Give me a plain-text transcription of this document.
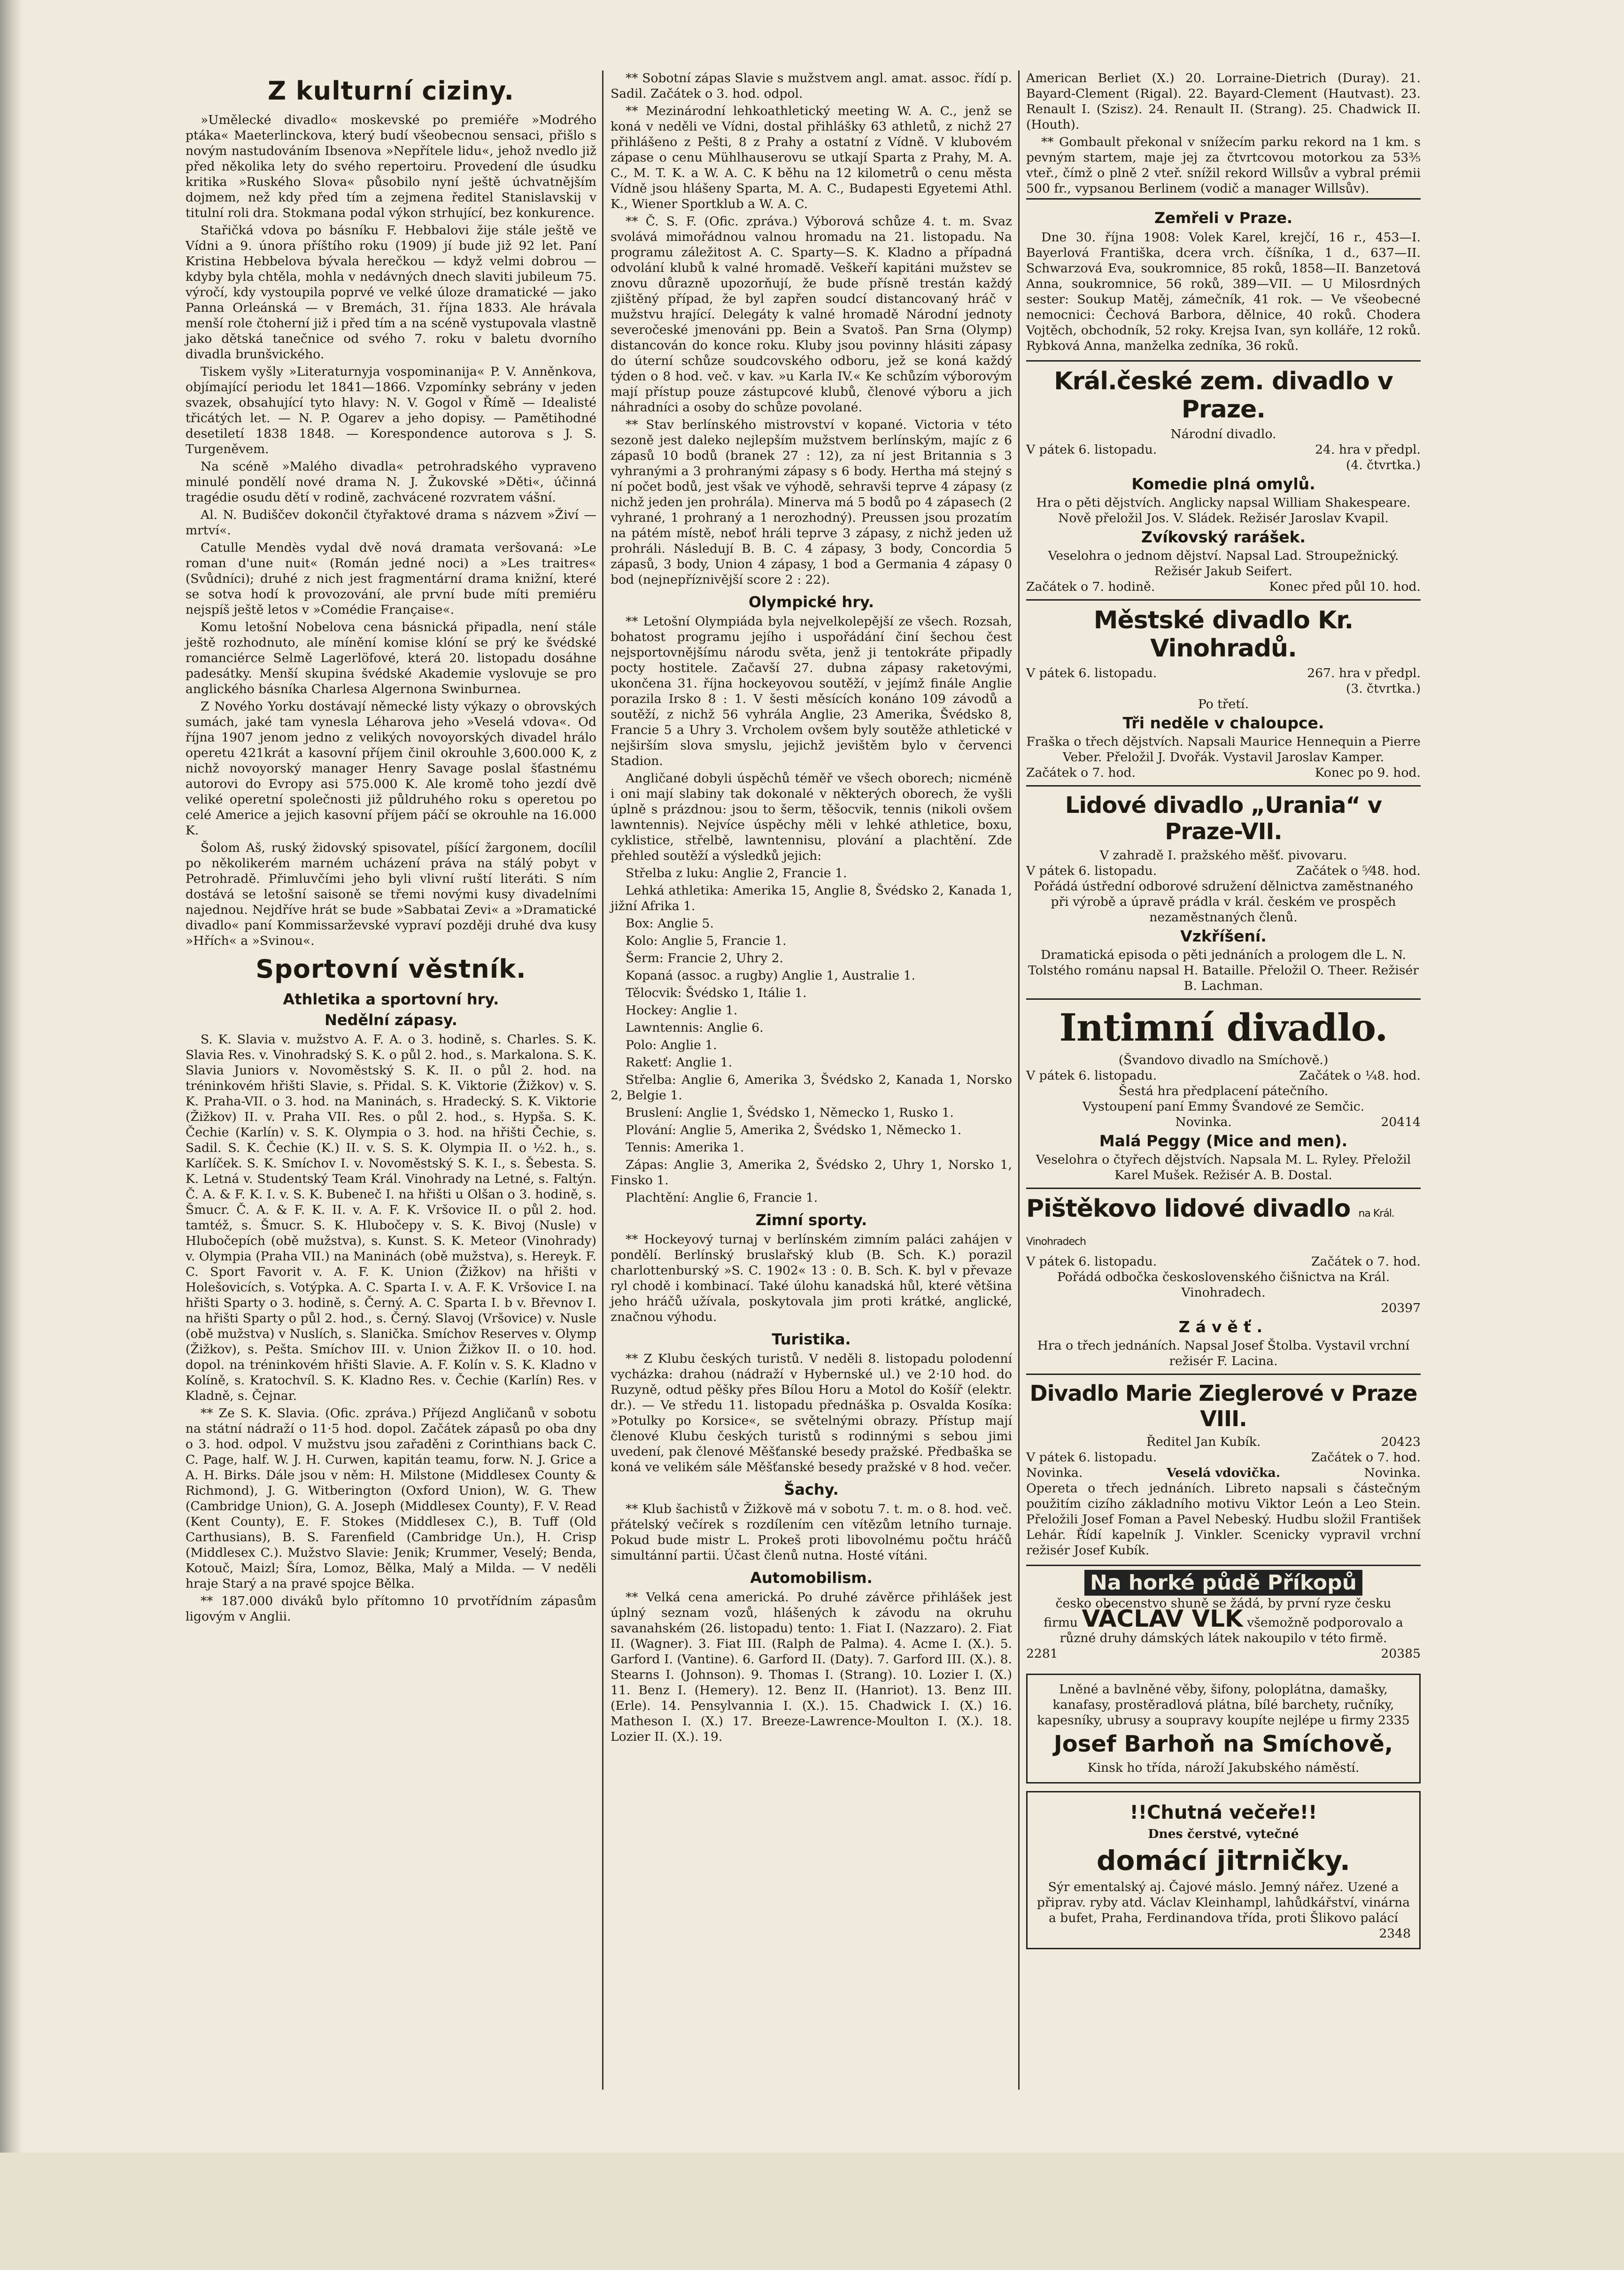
Z kulturní ciziny.

»Umělecké divadlo« moskevské po premiéře »Modrého ptáka« Maeterlinckova, který budí všeobecnou sensaci, přišlo s novým nastudováním Ibsenova »Nepřítele lidu«, jehož nvedlo již před několika lety do svého repertoiru. Provedení dle úsudku kritika »Ruského Slova« působilo nyní ještě úchvatnějším dojmem, než kdy před tím a zejmena ředitel Stanislavskij v titulní roli dra. Stokmana podal výkon strhující, bez konkurence.

Stařičká vdova po básníku F. Hebbalovi žije stále ještě ve Vídni a 9. února příštího roku (1909) jí bude již 92 let. Paní Kristina Hebbelova bývala herečkou — když velmi dobrou — kdyby byla chtěla, mohla v nedávných dnech slaviti jubileum 75. výročí, kdy vystoupila poprvé ve velké úloze dramatické — jako Panna Orleánská — v Bremách, 31. října 1833. Ale hrávala menší role čtoherní již i před tím a na scéně vystupovala vlastně jako dětská tanečnice od svého 7. roku v baletu dvorního divadla brunšvického.

Tiskem vyšly »Literaturnyja vospominanija« P. V. Anněnkova, objímající periodu let 1841—1866. Vzpomínky sebrány v jeden svazek, obsahující tyto hlavy: N. V. Gogol v Římě — Idealisté třicátých let. — N. P. Ogarev a jeho dopisy. — Pamětihodné desetiletí 1838 1848. — Korespondence autorova s J. S. Turgeněvem.

Na scéně »Malého divadla« petrohradského vypraveno minulé pondělí nové drama N. J. Žukovské »Děti«, účinná tragédie osudu dětí v rodině, zachvácené rozvratem vášní.

Al. N. Budiščev dokončil čtyřaktové drama s názvem »Živí — mrtví«.

Catulle Mendès vydal dvě nová dramata veršovaná: »Le roman d'une nuit« (Román jedné noci) a »Les traitres« (Svůdníci); druhé z nich jest fragmentární drama knižní, které se sotva hodí k provozování, ale první bude míti premiéru nejspíš ještě letos v »Comédie Française«.

Komu letošní Nobelova cena básnická připadla, není stále ještě rozhodnuto, ale mínění komise klóní se prý ke švédské romanciérce Selmě Lagerlöfové, která 20. listopadu dosáhne padesátky. Menší skupina švédské Akademie vyslovuje se pro anglického básníka Charlesa Algernona Swinburnea.

Z Nového Yorku dostávají německé listy výkazy o obrovských sumách, jaké tam vynesla Léharova jeho »Veselá vdova«. Od října 1907 jenom jedno z velikých novoyorských divadel hrálo operetu 421krát a kasovní příjem činil okrouhle 3,600.000 K, z nichž novoyorský manager Henry Savage poslal šťastnému autorovi do Evropy asi 575.000 K. Ale kromě toho jezdí dvě veliké operetní společnosti již půldruhého roku s operetou po celé Americe a jejich kasovní příjem páčí se okrouhle na 16.000 K.

Šolom Aš, ruský židovský spisovatel, píšící žargonem, docílil po několikerém marném ucházení práva na stálý pobyt v Petrohradě. Přimluvčími jeho byli vlivní ruští literáti. S ním dostává se letošní saisoně se třemi novými kusy divadelními najednou. Nejdříve hrát se bude »Sabbatai Zevi« a »Dramatické divadlo« paní Kommissarževské vypraví později druhé dva kusy »Hřích« a »Svinou«.

Sportovní věstník.
Athletika a sportovní hry.
Nedělní zápasy.

S. K. Slavia v. mužstvo A. F. A. o 3. hodině, s. Charles. S. K. Slavia Res. v. Vinohradský S. K. o půl 2. hod., s. Markalona. S. K. Slavia Juniors v. Novoměstský S. K. II. o půl 2. hod. na tréninkovém hřišti Slavie, s. Přidal. S. K. Viktorie (Žižkov) v. S. K. Praha-VII. o 3. hod. na Maninách, s. Hradecký. S. K. Viktorie (Žižkov) II. v. Praha VII. Res. o půl 2. hod., s. Hypša. S. K. Čechie (Karlín) v. S. K. Olympia o 3. hod. na hřišti Čechie, s. Sadil. S. K. Čechie (K.) II. v. S. S. K. Olympia II. o ½2. h., s. Karlíček. S. K. Smíchov I. v. Novoměstský S. K. I., s. Šebesta. S. K. Letná v. Studentský Team Král. Vinohrady na Letné, s. Faltýn. Č. A. & F. K. I. v. S. K. Bubeneč I. na hřišti u Olšan o 3. hodině, s. Šmucr. Č. A. & F. K. II. v. A. F. K. Vršovice II. o půl 2. hod. tamtéž, s. Šmucr. S. K. Hlubočepy v. S. K. Bivoj (Nusle) v Hlubočepích (obě mužstva), s. Kunst. S. K. Meteor (Vinohrady) v. Olympia (Praha VII.) na Maninách (obě mužstva), s. Hereyk. F. C. Sport Favorit v. A. F. K. Union (Žižkov) na hřišti v Holešovicích, s. Votýpka. A. C. Sparta I. v. A. F. K. Vršovice I. na hřišti Sparty o 3. hodině, s. Černý. A. C. Sparta I. b v. Břevnov I. na hřišti Sparty o půl 2. hod., s. Černý. Slavoj (Vršovice) v. Nusle (obě mužstva) v Nuslích, s. Slanička. Smíchov Reserves v. Olymp (Žižkov), s. Pešta. Smíchov III. v. Union Žižkov II. o 10. hod. dopol. na tréninkovém hřišti Slavie. A. F. Kolín v. S. K. Kladno v Kolíně, s. Kratochvíl. S. K. Kladno Res. v. Čechie (Karlín) Res. v Kladně, s. Čejnar.

** Ze S. K. Slavia. (Ofic. zpráva.) Příjezd Angličanů v sobotu na státní nádraží o 11·5 hod. dopol. Začátek zápasů po oba dny o 3. hod. odpol. V mužstvu jsou zařaděni z Corinthians back C. C. Page, half. W. J. H. Curwen, kapitán teamu, forw. N. J. Grice a A. H. Birks. Dále jsou v něm: H. Milstone (Middlesex County & Richmond), J. G. Witberington (Oxford Union), W. G. Thew (Cambridge Union), G. A. Joseph (Middlesex County), F. V. Read (Kent County), E. F. Stokes (Middlesex C.), B. Tuff (Old Carthusians), B. S. Farenfield (Cambridge Un.), H. Crisp (Middlesex C.). Mužstvo Slavie: Jenik; Krummer, Veselý; Benda, Kotouč, Maizl; Šíra, Lomoz, Bělka, Malý a Milda. — V neděli hraje Starý a na pravé spojce Bělka.

** 187.000 diváků bylo přítomno 10 prvotřídním zápasům ligovým v Anglii.

** Sobotní zápas Slavie s mužstvem angl. amat. assoc. řídí p. Sadil. Začátek o 3. hod. odpol.

** Mezinárodní lehkoathletický meeting W. A. C., jenž se koná v neděli ve Vídni, dostal přihlášky 63 athletů, z nichž 27 přihlášeno z Pešti, 8 z Prahy a ostatní z Vídně. V klubovém zápase o cenu Mühlhauserovu se utkají Sparta z Prahy, M. A. C., M. T. K. a W. A. C. K běhu na 12 kilometrů o cenu města Vídně jsou hlášeny Sparta, M. A. C., Budapesti Egyetemi Athl. K., Wiener Sportklub a W. A. C.

** Č. S. F. (Ofic. zpráva.) Výborová schůze 4. t. m. Svaz svolává mimořádnou valnou hromadu na 21. listopadu. Na programu záležitost A. C. Sparty—S. K. Kladno a případná odvolání klubů k valné hromadě. Veškeří kapitáni mužstev se znovu důrazně upozorňují, že bude přísně trestán každý zjištěný případ, že byl zapřen soudcí distancovaný hráč v mužstvu hrající. Delegáty k valné hromadě Národní jednoty severočeské jmenováni pp. Bein a Svatoš. Pan Srna (Olymp) distancován do konce roku. Kluby jsou povinny hlásiti zápasy do úterní schůze soudcovského odboru, jež se koná každý týden o 8 hod. več. v kav. »u Karla IV.« Ke schůzím výborovým mají přístup pouze zástupcové klubů, členové výboru a jich náhradníci a osoby do schůze povolané.

** Stav berlínského mistrovství v kopané. Victoria v této sezoně jest daleko nejlepším mužstvem berlínským, majíc z 6 zápasů 10 bodů (branek 27 : 12), za ní jest Britannia s 3 vyhranými a 3 prohranými zápasy s 6 body. Hertha má stejný s ní počet bodů, jest však ve výhodě, sehravši teprve 4 zápasy (z nichž jeden jen prohrála). Minerva má 5 bodů po 4 zápasech (2 vyhrané, 1 prohraný a 1 nerozhodný). Preussen jsou prozatím na pátém místě, neboť hráli teprve 3 zápasy, z nichž jeden už prohráli. Následují B. B. C. 4 zápasy, 3 body, Concordia 5 zápasů, 3 body, Union 4 zápasy, 1 bod a Germania 4 zápasy 0 bod (nejnepříznivější score 2 : 22).

Olympické hry.

** Letošní Olympiáda byla nejvelkolepější ze všech. Rozsah, bohatost programu jejího i uspořádání činí šechou čest nejsportovnějšímu národu světa, jenž ji tentokráte připadly pocty hostitele. Začavší 27. dubna zápasy raketovými, ukončena 31. října hockeyovou soutěží, v jejímž finále Anglie porazila Irsko 8 : 1. V šesti měsících konáno 109 závodů a soutěží, z nichž 56 vyhrála Anglie, 23 Amerika, Švédsko 8, Francie 5 a Uhry 3. Vrcholem ovšem byly soutěže athletické v nejširším slova smyslu, jejichž jevištěm bylo v červenci Stadion.

Angličané dobyli úspěchů téměř ve všech oborech; nicméně i oni mají slabiny tak dokonalé v některých oborech, že vyšli úplně s prázdnou: jsou to šerm, těšocvik, tennis (nikoli ovšem lawntennis). Nejvíce úspěchy měli v lehké athletice, boxu, cyklistice, střelbě, lawntennisu, plování a plachtění. Zde přehled soutěží a výsledků jejich:

Střelba z luku: Anglie 2, Francie 1.

Lehká athletika: Amerika 15, Anglie 8, Švédsko 2, Kanada 1, jižní Afrika 1.

Box: Anglie 5.

Kolo: Anglie 5, Francie 1.

Šerm: Francie 2, Uhry 2.

Kopaná (assoc. a rugby) Anglie 1, Australie 1.

Tělocvik: Švédsko 1, Itálie 1.

Hockey: Anglie 1.

Lawntennis: Anglie 6.

Polo: Anglie 1.

Raketť: Anglie 1.

Střelba: Anglie 6, Amerika 3, Švédsko 2, Kanada 1, Norsko 2, Belgie 1.

Bruslení: Anglie 1, Švédsko 1, Německo 1, Rusko 1.

Plování: Anglie 5, Amerika 2, Švédsko 1, Německo 1.

Tennis: Amerika 1.

Zápas: Anglie 3, Amerika 2, Švédsko 2, Uhry 1, Norsko 1, Finsko 1.

Plachtění: Anglie 6, Francie 1.

Zimní sporty.

** Hockeyový turnaj v berlínském zimním paláci zahájen v pondělí. Berlínský bruslařský klub (B. Sch. K.) porazil charlottenburský »S. C. 1902« 13 : 0. B. Sch. K. byl v převaze ryl chodě i kombinací. Také úlohu kanadská hůl, které většina jeho hráčů užívala, poskytovala jim proti krátké, anglické, značnou výhodu.

Turistika.

** Z Klubu českých turistů. V neděli 8. listopadu polodenní vycházka: drahou (nádraží v Hybernské ul.) ve 2·10 hod. do Ruzyně, odtud pěšky přes Bílou Horu a Motol do Košíř (elektr. dr.). — Ve středu 11. listopadu přednáška p. Osvalda Kosíka: »Potulky po Korsice«, se světelnými obrazy. Přístup mají členové Klubu českých turistů s rodinnými s sebou jimi uvedení, pak členové Měšťanské besedy pražské. Předbaška se koná ve velikém sále Měšťanské besedy pražské v 8 hod. večer.

Šachy.

** Klub šachistů v Žižkově má v sobotu 7. t. m. o 8. hod. več. přátelský večírek s rozdílením cen vítězům letního turnaje. Pokud bude mistr L. Prokeš proti libovolnému počtu hráčů simultánní partii. Účast členů nutna. Hosté vítáni.

Automobilism.

** Velká cena americká. Po druhé závěrce přihlášek jest úplný seznam vozů, hlášených k závodu na okruhu savanahském (26. listopadu) tento: 1. Fiat I. (Nazzaro). 2. Fiat II. (Wagner). 3. Fiat III. (Ralph de Palma). 4. Acme I. (X.). 5. Garford I. (Vantine). 6. Garford II. (Daty). 7. Garford III. (X.). 8. Stearns I. (Johnson). 9. Thomas I. (Strang). 10. Lozier I. (X.) 11. Benz I. (Hemery). 12. Benz II. (Hanriot). 13. Benz III. (Erle). 14. Pensylvannia I. (X.). 15. Chadwick I. (X.) 16. Matheson I. (X.) 17. Breeze-Lawrence-Moulton I. (X.). 18. Lozier II. (X.). 19.

American Berliet (X.) 20. Lorraine-Dietrich (Duray). 21. Bayard-Clement (Rigal). 22. Bayard-Clement (Hautvast). 23. Renault I. (Szisz). 24. Renault II. (Strang). 25. Chadwick II. (Houth).

** Gombault překonal v snížecím parku rekord na 1 km. s pevným startem, maje jej za čtvrtcovou motorkou za 53³⁄₅ vteř., čímž o plně 2 vteř. snížil rekord Willsův a vybral prémii 500 fr., vypsanou Berlinem (vodič a manager Willsův).

Zemřeli v Praze.

Dne 30. října 1908: Volek Karel, krejčí, 16 r., 453—I. Bayerlová Františka, dcera vrch. číšníka, 1 d., 637—II. Schwarzová Eva, soukromnice, 85 roků, 1858—II. Banzetová Anna, soukromnice, 56 roků, 389—VII. — U Milosrdných sester: Soukup Matěj, zámečník, 41 rok. — Ve všeobecné nemocnici: Čechová Barbora, dělnice, 40 roků. Chodera Vojtěch, obchodník, 52 roky. Krejsa Ivan, syn kolláře, 12 roků. Rybková Anna, manželka zedníka, 36 roků.

Král.české zem. divadlo v Praze.

Národní divadlo.

V pátek 6. listopadu.	24. hra v předpl.

(4. čtvrtka.)

Komedie plná omylů.

Hra o pěti dějstvích. Anglicky napsal William Shakespeare. Nově přeložil Jos. V. Sládek. Režisér Jaroslav Kvapil.

Zvíkovský rarášek.

Veselohra o jednom dějství. Napsal Lad. Stroupežnický. Režisér Jakub Seifert.

Začátek o 7. hodině.	Konec před půl 10. hod.
Městské divadlo Kr. Vinohradů.
V pátek 6. listopadu.	267. hra v předpl.

(3. čtvrtka.)

Po třetí.

Tři neděle v chaloupce.

Fraška o třech dějstvích. Napsali Maurice Hennequin a Pierre Veber. Přeložil J. Dvořák. Vystavil Jaroslav Kamper.

Začátek o 7. hod.	Konec po 9. hod.
Lidové divadlo „Urania“ v Praze-VII.

V zahradě I. pražského měšť. pivovaru.

V pátek 6. listopadu.	Začátek o ⁵⁄48. hod.

Pořádá ústřední odborové sdružení dělnictva zaměstnaného při výrobě a úpravě prádla v král. českém ve prospěch nezaměstnaných členů.

Vzkříšení.

Dramatická episoda o pěti jednáních a prologem dle L. N. Tolstého románu napsal H. Bataille. Přeložil O. Theer. Režisér B. Lachman.

Intimní divadlo.

(Švandovo divadlo na Smíchově.)

V pátek 6. listopadu.	Začátek o ¼8. hod.

Šestá hra předplacení pátečního.

Vystoupení paní Emmy Švandové ze Semčic.

Novinka.	20414
Malá Peggy (Mice and men).

Veselohra o čtyřech dějstvích. Napsala M. L. Ryley. Přeložil Karel Mušek. Režisér A. B. Dostal.

Pištěkovo lidové divadlo na Král. Vinohradech
V pátek 6. listopadu.	Začátek o 7. hod.

Pořádá odbočka československého čišnictva na Král. Vinohradech.

20397

Závěť.

Hra o třech jednáních. Napsal Josef Štolba. Vystavil vrchní režisér F. Lacina.

Divadlo Marie Zieglerové v Praze VIII.
Ředitel Jan Kubík.	20423
V pátek 6. listopadu.	Začátek o 7. hod.
Novinka.	Veselá vdovička.	Novinka.

Opereta o třech jednáních. Libreto napsali s částečným použitím cizího základního motivu Viktor León a Leo Stein. Přeložili Josef Foman a Pavel Nebeský. Hudbu složil František Lehár. Řídí kapelník J. Vinkler. Scenicky vypravil vrchní režisér Josef Kubík.

Na horké půdě Příkopů

česko obecenstvo shuně se žádá, by první ryze česku

firmu VÁCLAV VLK všemožně podporovalo a

různé druhy dámských látek nakoupilo v této firmě.

2281	20385

Lněné a bavlněné věby, šifony, poloplátna, damašky, kanafasy, prostěradlová plátna, bílé barchety, ručníky, kapesníky, ubrusy a soupravy koupíte nejlépe u firmy 2335

Josef Barhoň na Smíchově,

Kinsk ho třída, nároží Jakubského náměstí.

!!Chutná večeře!!

Dnes čerstvé, vytečné

domácí jitrničky.

Sýr ementalský aj. Čajové máslo. Jemný nářez. Uzené a připrav. ryby atd. Václav Kleinhampl, lahůdkářství, vinárna a bufet, Praha, Ferdinandova třída, proti Šlikovo palácí

2348
